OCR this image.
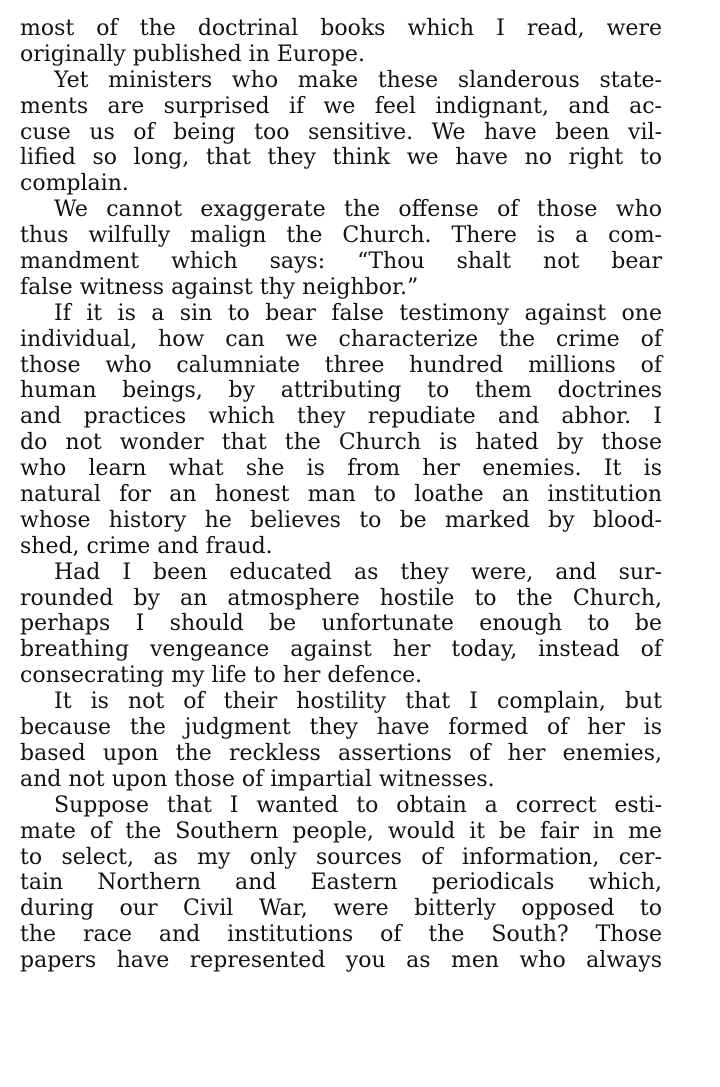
most of the doctrinal books which I read, were
originally published in Europe.
Yet ministers who make these slanderous state-
ments are surprised if we feel indignant, and ac-
cuse us of being too sensitive. We have been vil-
lified so long, that they think we have no right to
complain.
We cannot exaggerate the offense of those who
thus wilfully malign the Church. There is a com-
mandment which says: “Thou shalt not bear
false witness against thy neighbor.”
If it is a sin to bear false testimony against one
individual, how can we characterize the crime of
those who calumniate three hundred millions of
human beings, by attributing to them doctrines
and practices which they repudiate and abhor. I
do not wonder that the Church is hated by those
who learn what she is from her enemies. It is
natural for an honest man to loathe an institution
whose history he believes to be marked by blood-
shed, crime and fraud.
Had I been educated as they were, and sur-
rounded by an atmosphere hostile to the Church,
perhaps I should be unfortunate enough to be
breathing vengeance against her today, instead of
consecrating my life to her defence.
It is not of their hostility that I complain, but
because the judgment they have formed of her is
based upon the reckless assertions of her enemies,
and not upon those of impartial witnesses.
Suppose that I wanted to obtain a correct esti-
mate of the Southern people, would it be fair in me
to select, as my only sources of information, cer-
tain Northern and Eastern periodicals which,
during our Civil War, were bitterly opposed to
the race and institutions of the South? Those
papers have represented you as men who always
